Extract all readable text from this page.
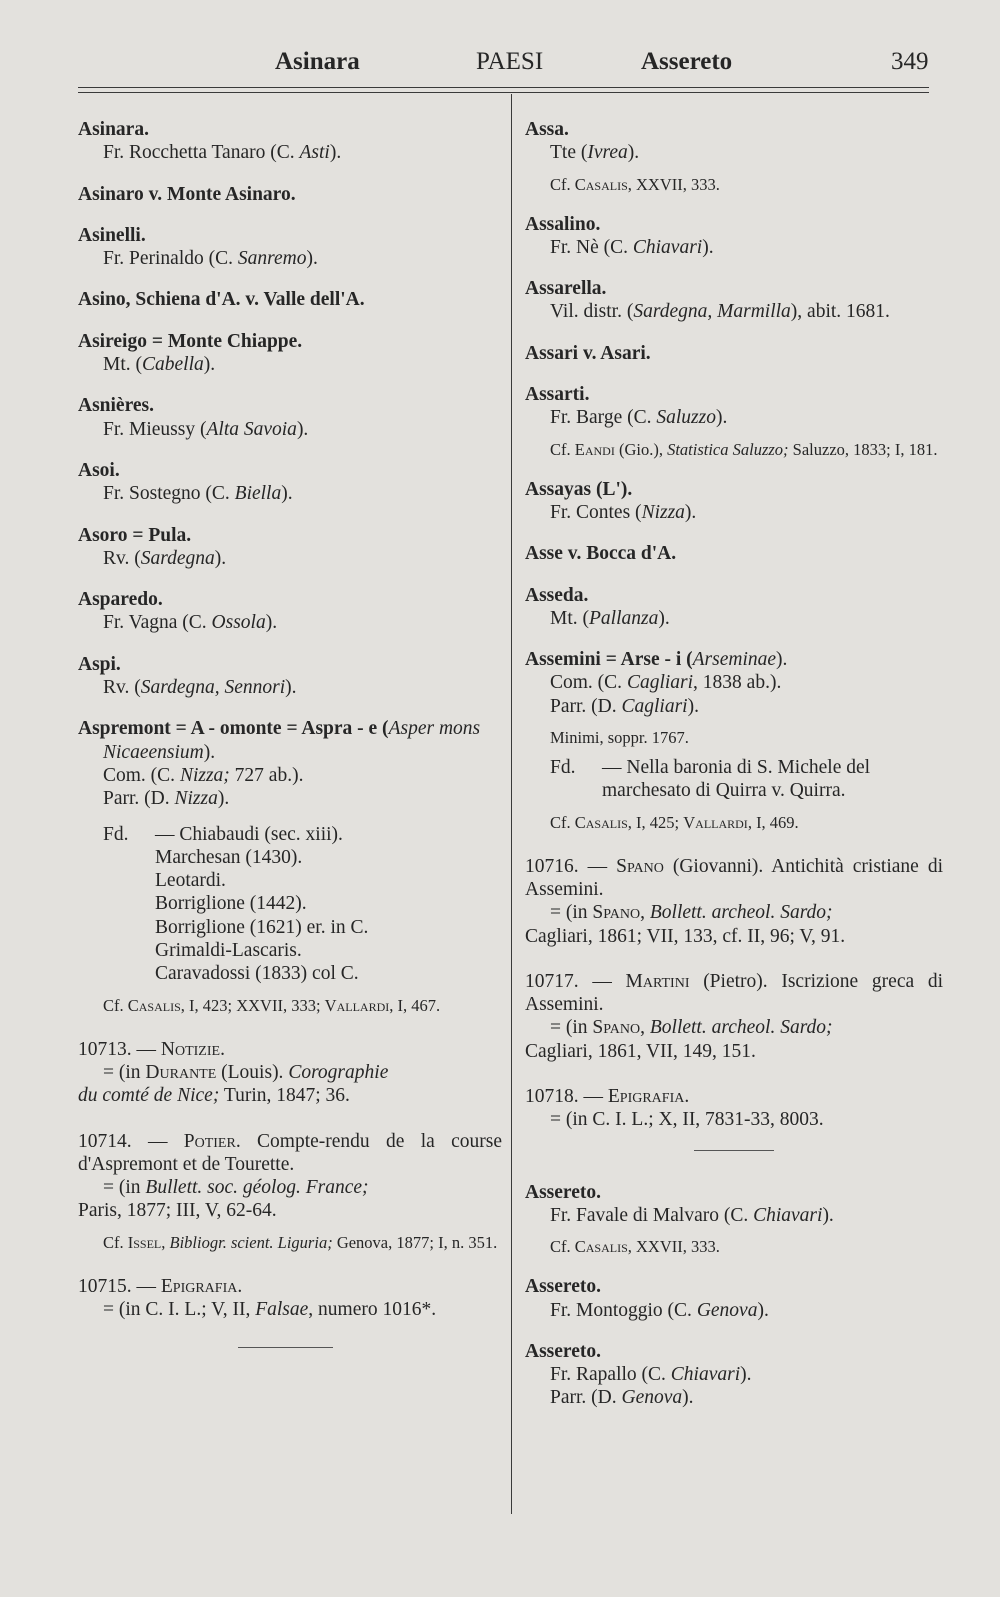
Asinara	PAESI	Assereto	349
Asinara.
Fr. Rocchetta Tanaro (C. Asti).
Asinaro v. Monte Asinaro.
Asinelli.
Fr. Perinaldo (C. Sanremo).
Asino, Schiena d'A. v. Valle dell'A.
Asireigo = Monte Chiappe.
Mt. (Cabella).
Asnières.
Fr. Mieussy (Alta Savoia).
Asoi.
Fr. Sostegno (C. Biella).
Asoro = Pula.
Rv. (Sardegna).
Asparedo.
Fr. Vagna (C. Ossola).
Aspi.
Rv. (Sardegna, Sennori).
Aspremont = A - omonte = Aspra - e (Asper mons Nicaeensium).
Com. (C. Nizza; 727 ab.).
Parr. (D. Nizza).
Fd.	— Chiabaudi (sec. xiii).
Marchesan (1430).
Leotardi.
Borriglione (1442).
Borriglione (1621) er. in C.
Grimaldi-Lascaris.
Caravadossi (1833) col C.
Cf. Casalis, I, 423; XXVII, 333; Vallardi, I, 467.
10713. — Notizie.
= (in Durante (Louis). Corographie
du comté de Nice; Turin, 1847; 36.
10714. — Potier. Compte-rendu de la course d'Aspremont et de Tourette.
= (in Bullett. soc. géolog. France;
Paris, 1877; III, V, 62-64.
Cf. Issel, Bibliogr. scient. Liguria; Genova, 1877; I, n. 351.
10715. — Epigrafia.
= (in C. I. L.; V, II, Falsae, numero 1016*.
Assa.
Tte (Ivrea).
Cf. Casalis, XXVII, 333.
Assalino.
Fr. Nè (C. Chiavari).
Assarella.
Vil. distr. (Sardegna, Marmilla), abit. 1681.
Assari v. Asari.
Assarti.
Fr. Barge (C. Saluzzo).
Cf. Eandi (Gio.), Statistica Saluzzo; Saluzzo, 1833; I, 181.
Assayas (L').
Fr. Contes (Nizza).
Asse v. Bocca d'A.
Asseda.
Mt. (Pallanza).
Assemini = Arse - i (Arseminae).
Com. (C. Cagliari, 1838 ab.).
Parr. (D. Cagliari).
Minimi, soppr. 1767.
Fd.	— Nella baronia di S. Michele del marchesato di Quirra v. Quirra.
Cf. Casalis, I, 425; Vallardi, I, 469.
10716. — Spano (Giovanni). Antichità cristiane di Assemini.
= (in Spano, Bollett. archeol. Sardo;
Cagliari, 1861; VII, 133, cf. II, 96; V, 91.
10717. — Martini (Pietro). Iscrizione greca di Assemini.
= (in Spano, Bollett. archeol. Sardo;
Cagliari, 1861, VII, 149, 151.
10718. — Epigrafia.
= (in C. I. L.; X, II, 7831-33, 8003.
Assereto.
Fr. Favale di Malvaro (C. Chiavari).
Cf. Casalis, XXVII, 333.
Assereto.
Fr. Montoggio (C. Genova).
Assereto.
Fr. Rapallo (C. Chiavari).
Parr. (D. Genova).
